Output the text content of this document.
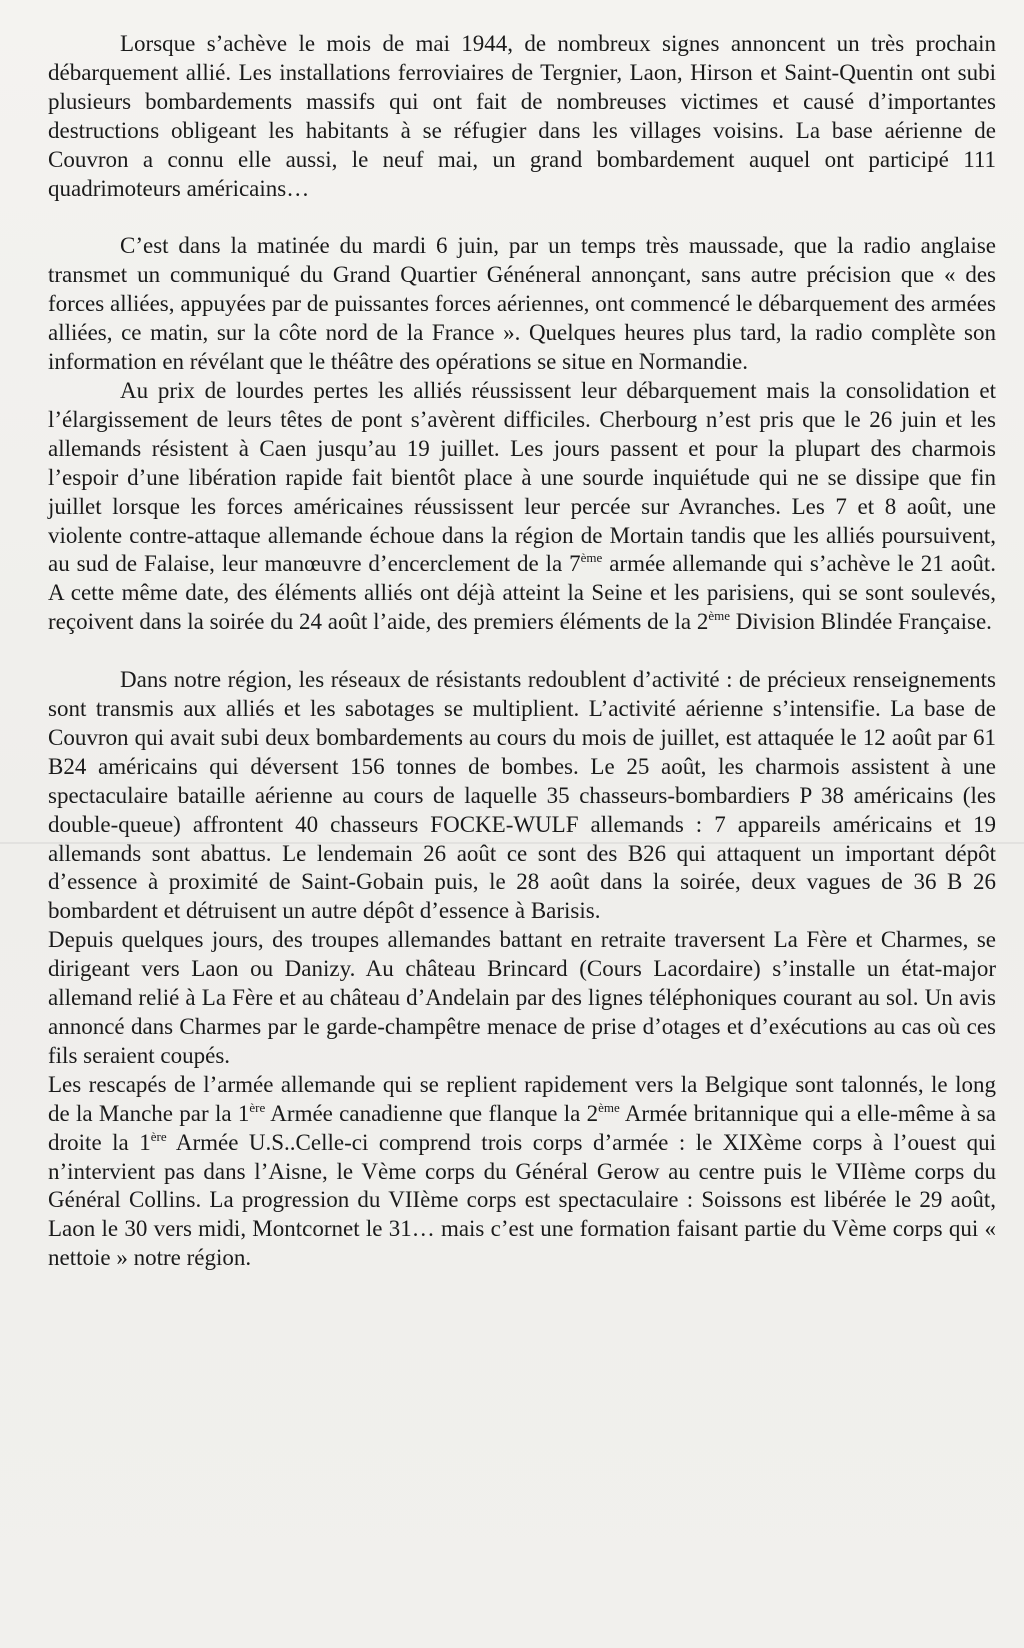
Lorsque s’achève le mois de mai 1944, de nombreux signes annoncent un très prochain débarquement allié. Les installations ferroviaires de Tergnier, Laon, Hirson et Saint-Quentin ont subi plusieurs bombardements massifs qui ont fait de nombreuses victimes et causé d’importantes destructions obligeant les habitants à se réfugier dans les villages voisins. La base aérienne de Couvron a connu elle aussi, le neuf mai, un grand bombardement auquel ont participé 111 quadrimoteurs américains…

C’est dans la matinée du mardi 6 juin, par un temps très maussade, que la radio anglaise transmet un communiqué du Grand Quartier Généneral annonçant, sans autre précision que « des forces alliées, appuyées par de puissantes forces aériennes, ont commencé le débarquement des armées alliées, ce matin, sur la côte nord de la France ». Quelques heures plus tard, la radio complète son information en révélant que le théâtre des opérations se situe en Normandie.

Au prix de lourdes pertes les alliés réussissent leur débarquement mais la consolidation et l’élargissement de leurs têtes de pont s’avèrent difficiles. Cherbourg n’est pris que le 26 juin et les allemands résistent à Caen jusqu’au 19 juillet. Les jours passent et pour la plupart des charmois l’espoir d’une libération rapide fait bientôt place à une sourde inquiétude qui ne se dissipe que fin juillet lorsque les forces américaines réussissent leur percée sur Avranches. Les 7 et 8 août, une violente contre-attaque allemande échoue dans la région de Mortain tandis que les alliés poursuivent, au sud de Falaise, leur manœuvre d’encerclement de la 7ème armée allemande qui s’achève le 21 août. A cette même date, des éléments alliés ont déjà atteint la Seine et les parisiens, qui se sont soulevés, reçoivent dans la soirée du 24 août l’aide, des premiers éléments de la 2ème Division Blindée Française.

Dans notre région, les réseaux de résistants redoublent d’activité : de précieux renseignements sont transmis aux alliés et les sabotages se multiplient. L’activité aérienne s’intensifie. La base de Couvron qui avait subi deux bombardements au cours du mois de juillet, est attaquée le 12 août par 61 B24 américains qui déversent 156 tonnes de bombes. Le 25 août, les charmois assistent à une spectaculaire bataille aérienne au cours de laquelle 35 chasseurs-bombardiers P 38 américains (les double-queue) affrontent 40 chasseurs FOCKE-WULF allemands : 7 appareils américains et 19 allemands sont abattus. Le lendemain 26 août ce sont des B26 qui attaquent un important dépôt d’essence à proximité de Saint-Gobain puis, le 28 août dans la soirée, deux vagues de 36 B 26 bombardent et détruisent un autre dépôt d’essence à Barisis.

Depuis quelques jours, des troupes allemandes battant en retraite traversent La Fère et Charmes, se dirigeant vers Laon ou Danizy. Au château Brincard (Cours Lacordaire) s’installe un état-major allemand relié à La Fère et au château d’Andelain par des lignes téléphoniques courant au sol. Un avis annoncé dans Charmes par le garde-champêtre menace de prise d’otages et d’exécutions au cas où ces fils seraient coupés.

Les rescapés de l’armée allemande qui se replient rapidement vers la Belgique sont talonnés, le long de la Manche par la 1ère Armée canadienne que flanque la 2ème Armée britannique qui a elle-même à sa droite la 1ère Armée U.S..Celle-ci comprend trois corps d’armée : le XIXème corps à l’ouest qui n’intervient pas dans l’Aisne, le Vème corps du Général Gerow au centre puis le VIIème corps du Général Collins. La progression du VIIème corps est spectaculaire : Soissons est libérée le 29 août, Laon le 30 vers midi, Montcornet le 31… mais c’est une formation faisant partie du Vème corps qui « nettoie » notre région.
